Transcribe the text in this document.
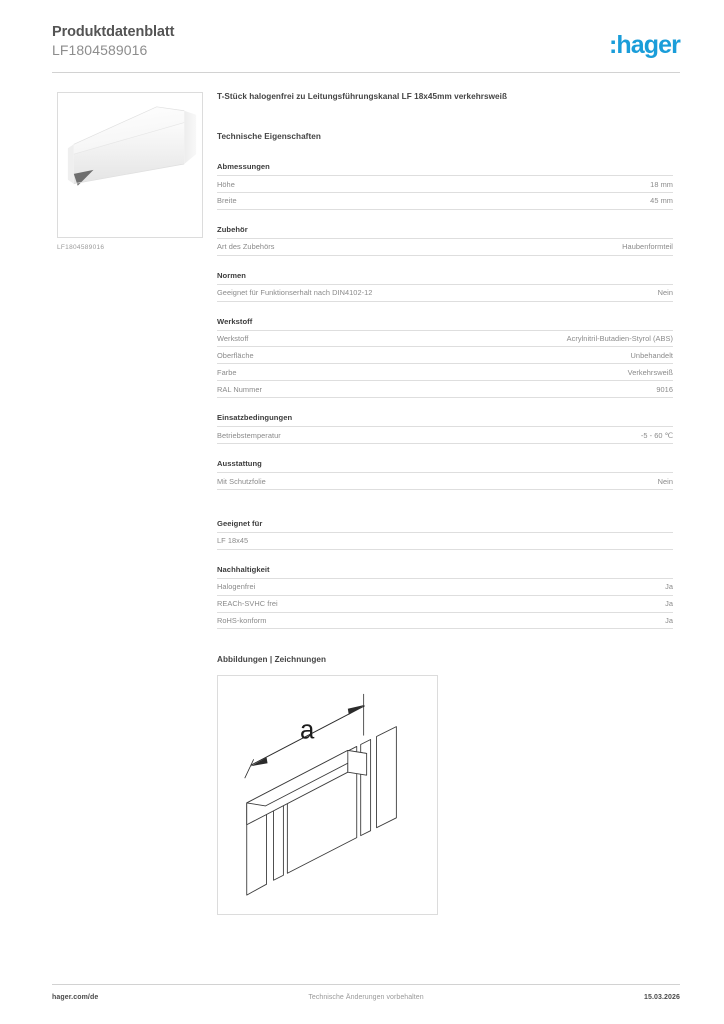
Produktdatenblatt
LF1804589016	:hager
LF1804589016
T-Stück halogenfrei zu Leitungsführungskanal LF 18x45mm verkehrsweiß
Technische Eigenschaften
Abmessungen
Höhe	18 mm
Breite	45 mm
Zubehör
Art des Zubehörs	Haubenformteil
Normen
Geeignet für Funktionserhalt nach DIN4102-12	Nein
Werkstoff
Werkstoff	Acrylnitril-Butadien-Styrol (ABS)
Oberfläche	Unbehandelt
Farbe	Verkehrsweiß
RAL Nummer	9016
Einsatzbedingungen
Betriebstemperatur	-5 - 60 ℃
Ausstattung
Mit Schutzfolie	Nein
Geeignet für
LF 18x45
Nachhaltigkeit
Halogenfrei	Ja
REACh-SVHC frei	Ja
RoHS-konform	Ja
Abbildungen | Zeichnungen
a
hager.com/de	Technische Änderungen vorbehalten	15.03.2026
